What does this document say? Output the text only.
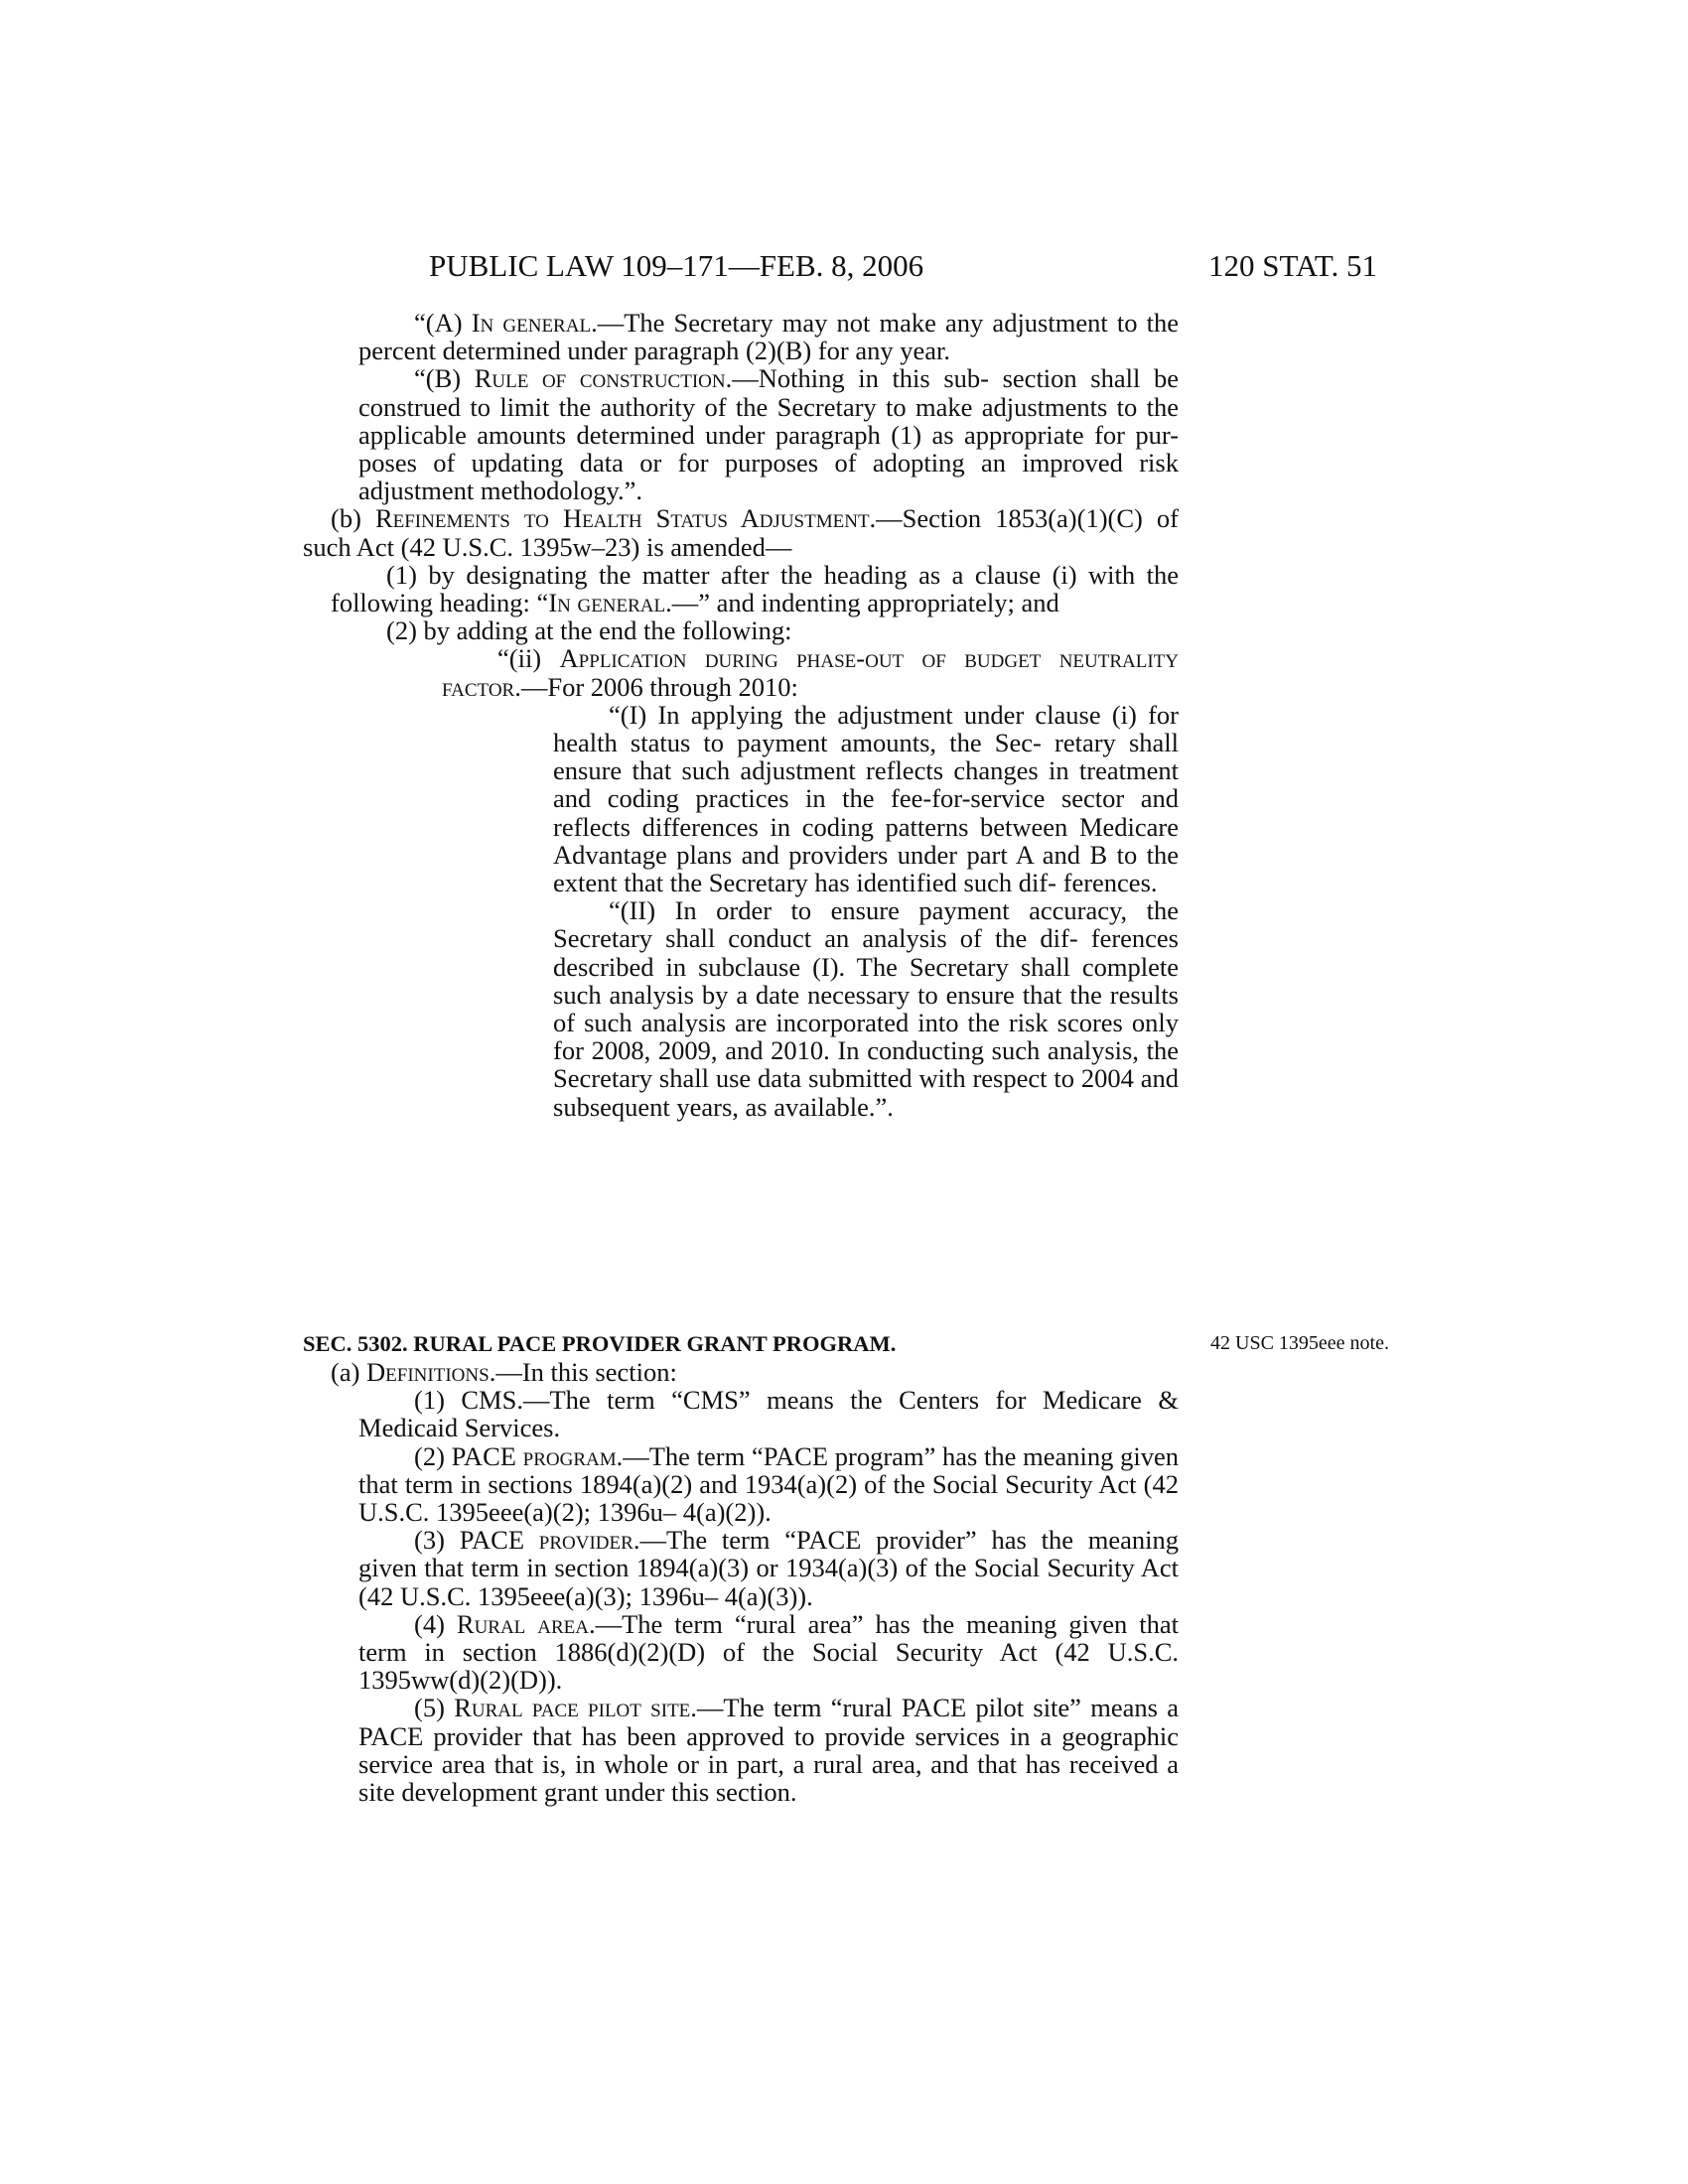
PUBLIC LAW 109–171—FEB. 8, 2006	120 STAT. 51

“(A) In general.—The Secretary may not make any adjustment to the percent determined under paragraph (2)(B) for any year.

“(B) Rule of construction.—Nothing in this sub- section shall be construed to limit the authority of the Secretary to make adjustments to the applicable amounts determined under paragraph (1) as appropriate for pur- poses of updating data or for purposes of adopting an improved risk adjustment methodology.”.

(b) Refinements to Health Status Adjustment.—Section 1853(a)(1)(C) of such Act (42 U.S.C. 1395w–23) is amended—

(1) by designating the matter after the heading as a clause (i) with the following heading: “In general.—” and indenting appropriately; and

(2) by adding at the end the following:

“(ii) Application during phase-out of budget neutrality factor.—For 2006 through 2010:

“(I) In applying the adjustment under clause (i) for health status to payment amounts, the Sec- retary shall ensure that such adjustment reflects changes in treatment and coding practices in the fee-for-service sector and reflects differences in coding patterns between Medicare Advantage plans and providers under part A and B to the extent that the Secretary has identified such dif- ferences.

“(II) In order to ensure payment accuracy, the Secretary shall conduct an analysis of the dif- ferences described in subclause (I). The Secretary shall complete such analysis by a date necessary to ensure that the results of such analysis are incorporated into the risk scores only for 2008, 2009, and 2010. In conducting such analysis, the Secretary shall use data submitted with respect to 2004 and subsequent years, as available.”.

SEC. 5302. RURAL PACE PROVIDER GRANT PROGRAM.	42 USC 1395eee note.

(a) Definitions.—In this section:

(1) CMS.—The term “CMS” means the Centers for Medicare & Medicaid Services.

(2) PACE program.—The term “PACE program” has the meaning given that term in sections 1894(a)(2) and 1934(a)(2) of the Social Security Act (42 U.S.C. 1395eee(a)(2); 1396u– 4(a)(2)).

(3) PACE provider.—The term “PACE provider” has the meaning given that term in section 1894(a)(3) or 1934(a)(3) of the Social Security Act (42 U.S.C. 1395eee(a)(3); 1396u– 4(a)(3)).

(4) Rural area.—The term “rural area” has the meaning given that term in section 1886(d)(2)(D) of the Social Security Act (42 U.S.C. 1395ww(d)(2)(D)).

(5) Rural pace pilot site.—The term “rural PACE pilot site” means a PACE provider that has been approved to provide services in a geographic service area that is, in whole or in part, a rural area, and that has received a site development grant under this section.
